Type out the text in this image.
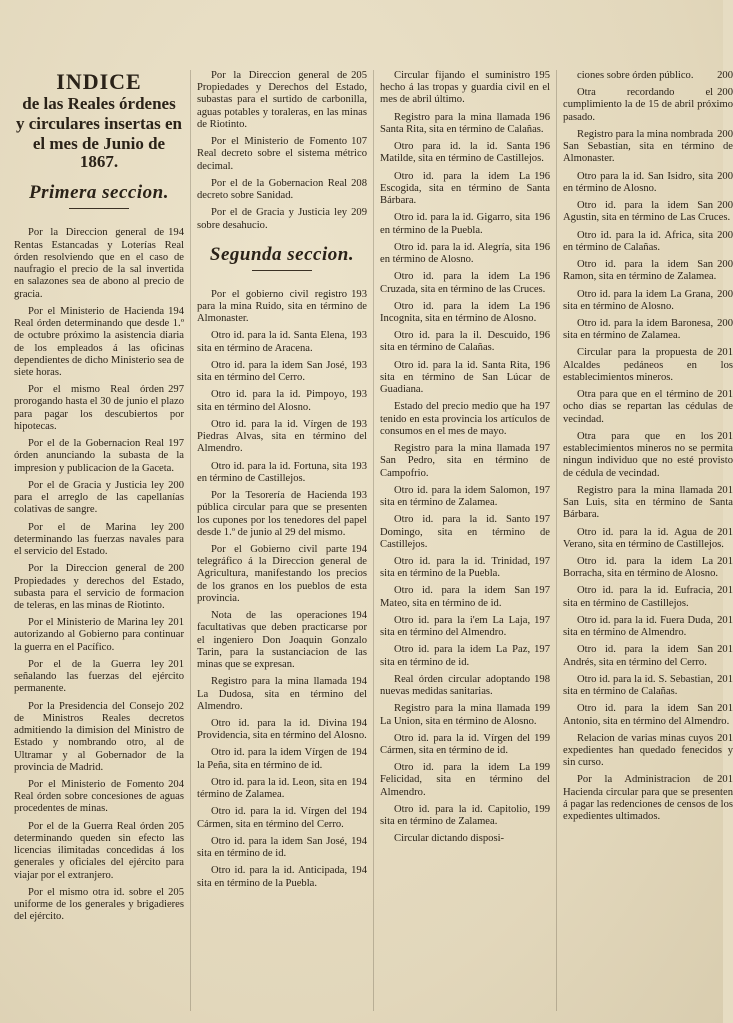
INDICE
de las Reales órdenes
y circulares insertas en
el mes de Junio de 1867.
Primera seccion.
194
Por la Direccion general de Rentas Estancadas y Loterías Real órden resolviendo que en el caso de naufragio el precio de la sal invertida en salazones sea de abono al precio de gracia.
194
Por el Ministerio de Hacienda Real órden determinando que desde 1.º de octubre próximo la asistencia diaria de los empleados á las oficinas dependientes de dicho Ministerio sea de siete horas.
297
Por el mismo Real órden prorogando hasta el 30 de junio el plazo para pagar los descubiertos por hipotecas.
197
Por el de la Gobernacion Real órden anunciando la subasta de la impresion y publicacion de la Gaceta.
200
Por el de Gracia y Justicia ley para el arreglo de las capellanías colativas de sangre.
200
Por el de Marina ley determinando las fuerzas navales para el servicio del Estado.
200
Por la Direccion general de Propiedades y derechos del Estado, subasta para el servicio de formacion de teleras, en las minas de Riotinto.
201
Por el Ministerio de Marina ley autorizando al Gobierno para continuar la guerra en el Pacífico.
201
Por el de la Guerra ley señalando las fuerzas del ejército permanente.
202
Por la Presidencia del Consejo de Ministros Reales decretos admitiendo la dimision del Ministro de Estado y nombrando otro, al de Ultramar y al Gobernador de la provincia de Madrid.
204
Por el Ministerio de Fomento Real órden sobre concesiones de aguas procedentes de minas.
205
Por el de la Guerra Real órden determinando queden sin efecto las licencias ilimitadas concedidas á los generales y oficiales del ejército para viajar por el extranjero.
205
Por el mismo otra id. sobre el uniforme de los generales y brigadieres del ejército.
205
Por la Direccion general de Propiedades y Derechos del Estado, subastas para el surtido de carbonilla, aguas potables y toraleras, en las minas de Riotinto.
107
Por el Ministerio de Fomento Real decreto sobre el sistema métrico decimal.
208
Por el de la Gobernacion Real decreto sobre Sanidad.
209
Por el de Gracia y Justicia ley sobre desahucio.
Segunda seccion.
193
Por el gobierno civil registro para la mina Ruido, sita en término de Almonaster.
193
Otro id. para la id. Santa Elena, sita en término de Aracena.
193
Otro id. para la idem San José, sita en término del Cerro.
193
Otro id. para la id. Pimpoyo, sita en término del Alosno.
193
Otro id. para la id. Vírgen de Piedras Alvas, sita en término del Almendro.
193
Otro id. para la id. Fortuna, sita en término de Castillejos.
193
Por la Tesorería de Hacienda pública circular para que se presenten los cupones por los tenedores del papel desde 1.º de junio al 29 del mismo.
194
Por el Gobierno civil parte telegráfico á la Direccion general de Agricultura, manifestando los precios de los granos en los pueblos de esta provincia.
194
Nota de las operaciones facultativas que deben practicarse por el ingeniero Don Joaquin Gonzalo Tarin, para la sustanciacion de las minas que se expresan.
194
Registro para la mina llamada La Dudosa, sita en término del Almendro.
194
Otro id. para la id. Divina Providencia, sita en término del Alosno.
194
Otro id. para la idem Vírgen de la Peña, sita en término de id.
194
Otro id. para la id. Leon, sita en término de Zalamea.
194
Otro id. para la id. Vírgen del Cármen, sita en término del Cerro.
194
Otro id. para la idem San José, sita en término de id.
194
Otro id. para la id. Anticipada, sita en término de la Puebla.
195
Circular fijando el suministro hecho á las tropas y guardia civil en el mes de abril último.
196
Registro para la mina llamada Santa Rita, sita en término de Calañas.
196
Otro para id. la id. Santa Matilde, sita en término de Castillejos.
196
Otro id. para la idem La Escogida, sita en término de Santa Bárbara.
196
Otro id. para la id. Gigarro, sita en término de la Puebla.
196
Otro id. para la id. Alegría, sita en término de Alosno.
196
Otro id. para la idem La Cruzada, sita en término de las Cruces.
196
Otro id. para la idem La Incognita, sita en término de Alosno.
196
Otro id. para la il. Descuido, sita en término de Calañas.
196
Otro id. para la id. Santa Rita, sita en término de San Lúcar de Guadiana.
197
Estado del precio medio que ha tenido en esta provincia los artículos de consumos en el mes de mayo.
197
Registro para la mina llamada San Pedro, sita en término de Campofrio.
197
Otro id. para la idem Salomon, sita en término de Zalamea.
197
Otro id. para la id. Santo Domingo, sita en término de Castillejos.
197
Otro id. para la id. Trinidad, sita en término de la Puebla.
197
Otro id. para la idem San Mateo, sita en término de id.
197
Otro id. para la i'em La Laja, sita en término del Almendro.
197
Otro id. para la idem La Paz, sita en término de id.
198
Real órden circular adoptando nuevas medidas sanitarias.
199
Registro para la mina llamada La Union, sita en término de Alosno.
199
Otro id. para la id. Vírgen del Cármen, sita en término de id.
199
Otro id. para la idem La Felicidad, sita en término del Almendro.
199
Otro id. para la id. Capitolio, sita en término de Zalamea.
Circular dictando disposi-
200
ciones sobre órden público.
200
Otra recordando el cumplimiento la de 15 de abril próximo pasado.
200
Registro para la mina nombrada San Sebastian, sita en término de Almonaster.
200
Otro para la id. San Isidro, sita en término de Alosno.
200
Otro id. para la idem San Agustin, sita en término de Las Cruces.
200
Otro id. para la id. Africa, sita en término de Calañas.
200
Otro id. para la idem San Ramon, sita en término de Zalamea.
200
Otro id. para la idem La Grana, sita en término de Alosno.
200
Otro id. para la idem Baronesa, sita en término de Zalamea.
201
Circular para la propuesta de Alcaldes pedáneos en los establecimientos mineros.
201
Otra para que en el término de ocho dias se repartan las cédulas de vecindad.
201
Otra para que en los establecimientos mineros no se permita ningun individuo que no esté provisto de cédula de vecindad.
201
Registro para la mina llamada San Luis, sita en término de Santa Bárbara.
201
Otro id. para la id. Agua de Verano, sita en término de Castillejos.
201
Otro id. para la idem La Borracha, sita en término de Alosno.
201
Otro id. para la id. Eufracia, sita en término de Castillejos.
201
Otro id. para la id. Fuera Duda, sita en término de Almendro.
201
Otro id. para la idem San Andrés, sita en término del Cerro.
201
Otro id. para la id. S. Sebastian, sita en término de Calañas.
201
Otro id. para la idem San Antonio, sita en término del Almendro.
201
Relacion de varias minas cuyos expedientes han quedado fenecidos y sin curso.
201
Por la Administracion de Hacienda circular para que se presenten á pagar las redenciones de censos de los expedientes ultimados.
